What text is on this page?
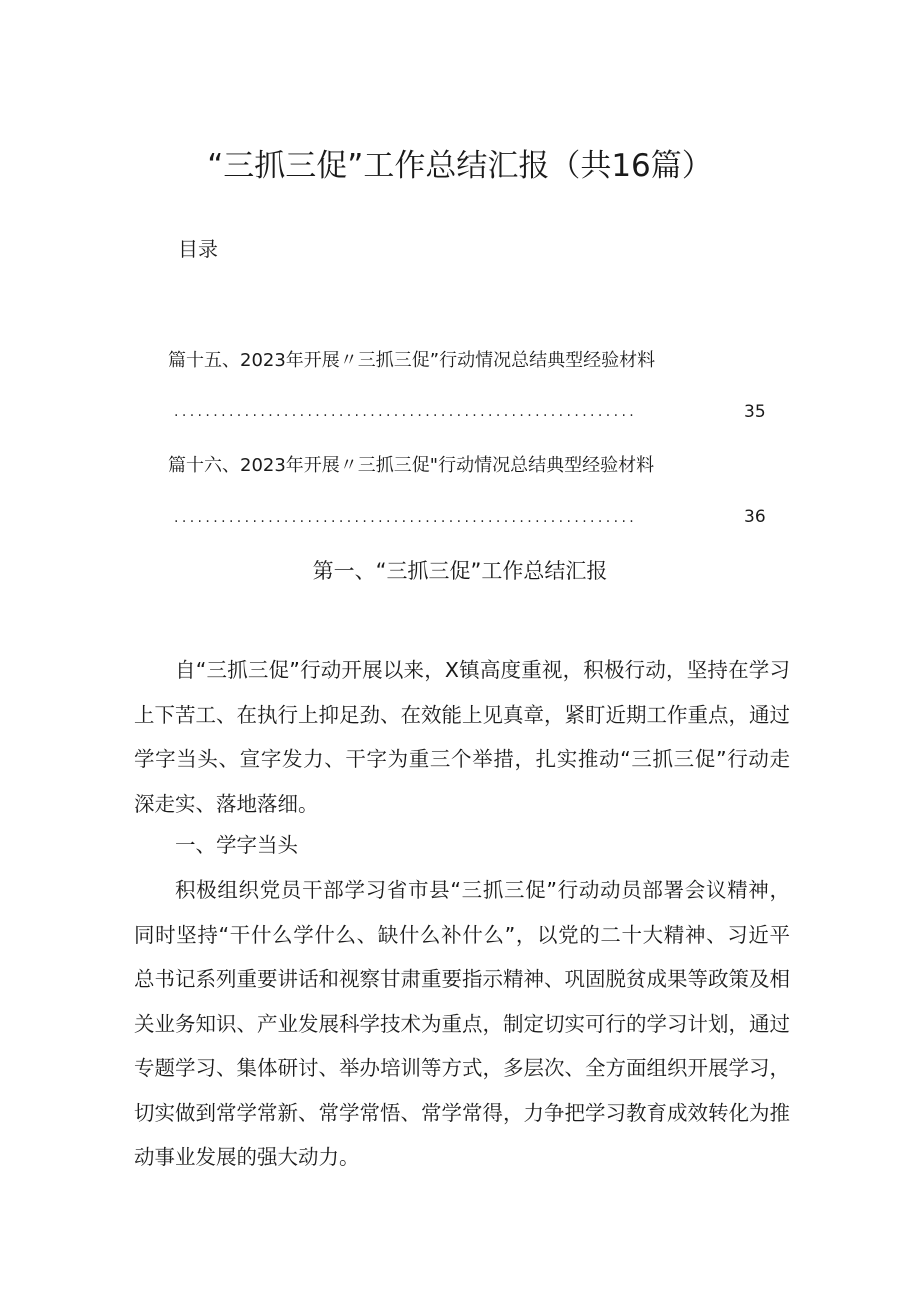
“三抓三促”工作总结汇报（共16篇）
目录
篇十五、2023年开展〃三抓三促”行动情况总结典型经验材料
...........................................................	35
篇十六、2023年开展〃三抓三促"行动情况总结典型经验材料
...........................................................	36
第一、“三抓三促”工作总结汇报

自“三抓三促”行动开展以来，X镇高度重视，积极行动，坚持在学习上下苦工、在执行上抑足劲、在效能上见真章，紧盯近期工作重点，通过学字当头、宣字发力、干字为重三个举措，扎实推动“三抓三促”行动走深走实、落地落细。

一、学字当头

积极组织党员干部学习省市县“三抓三促”行动动员部署会议精神，同时坚持“干什么学什么、缺什么补什么”，以党的二十大精神、习近平总书记系列重要讲话和视察甘肃重要指示精神、巩固脱贫成果等政策及相关业务知识、产业发展科学技术为重点，制定切实可行的学习计划，通过专题学习、集体研讨、举办培训等方式，多层次、全方面组织开展学习，切实做到常学常新、常学常悟、常学常得，力争把学习教育成效转化为推动事业发展的强大动力。
